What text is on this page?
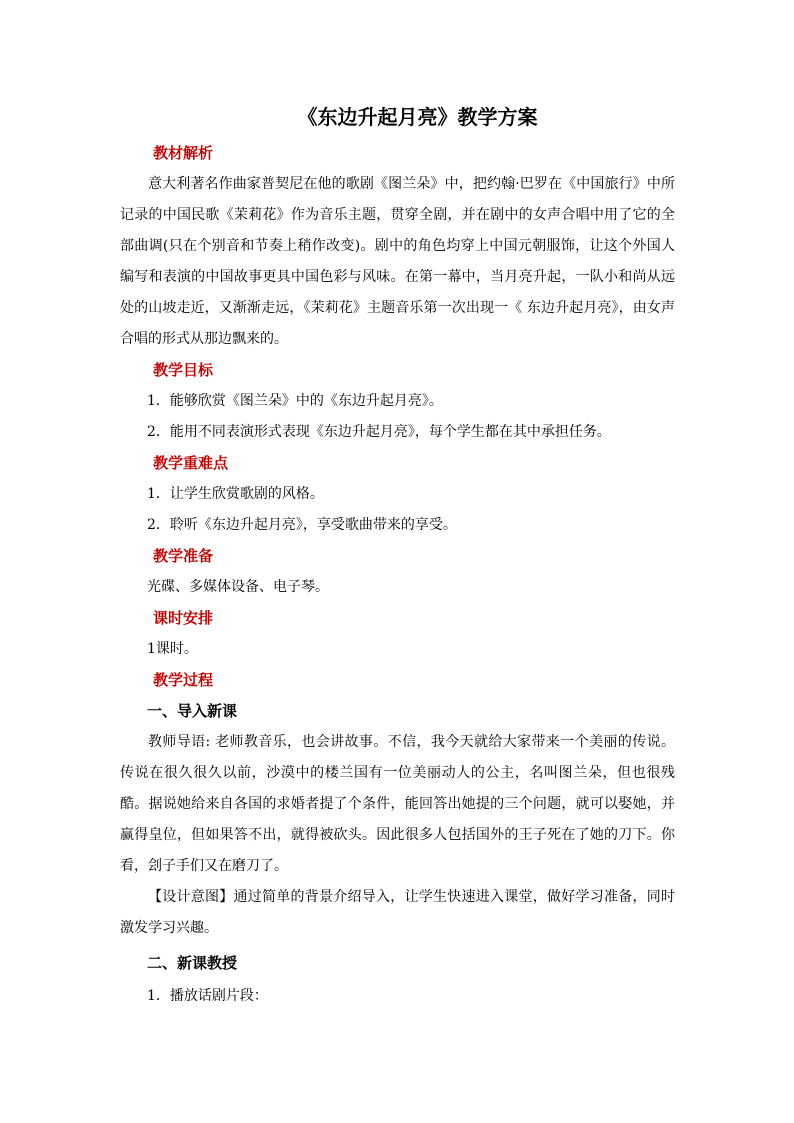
《东边升起月亮》教学方案
教材解析

意大利著名作曲家普契尼在他的歌剧《图兰朵》中，把约翰·巴罗在《中国旅行》中所记录的中国民歌《茉莉花》作为音乐主题，贯穿全剧，并在剧中的女声合唱中用了它的全部曲调(只在个别音和节奏上稍作改变)。剧中的角色均穿上中国元朝服饰，让这个外国人编写和表演的中国故事更具中国色彩与风味。在第一幕中，当月亮升起，一队小和尚从远处的山坡走近，又渐渐走远，《茉莉花》主题音乐第一次出现一《 东边升起月亮》，由女声合唱的形式从那边飘来的。

教学目标

1．能够欣赏《图兰朵》中的《东边升起月亮》。

2．能用不同表演形式表现《东边升起月亮》，每个学生都在其中承担任务。

教学重难点

1．让学生欣赏歌剧的风格。

2．聆听《东边升起月亮》，享受歌曲带来的享受。

教学准备

光碟、多媒体设备、电子琴。

课时安排

1课时。

教学过程
一、导入新课

教师导语: 老师教音乐，也会讲故事。不信，我今天就给大家带来一个美丽的传说。传说在很久很久以前，沙漠中的楼兰国有一位美丽动人的公主，名叫图兰朵，但也很残酷。据说她给来自各国的求婚者提了个条件，能回答出她提的三个问题，就可以娶她，并赢得皇位，但如果答不出，就得被砍头。因此很多人包括国外的王子死在了她的刀下。你看，刽子手们又在磨刀了。

【设计意图】通过简单的背景介绍导入，让学生快速进入课堂，做好学习准备，同时激发学习兴趣。

二、新课教授

1．播放话剧片段：
